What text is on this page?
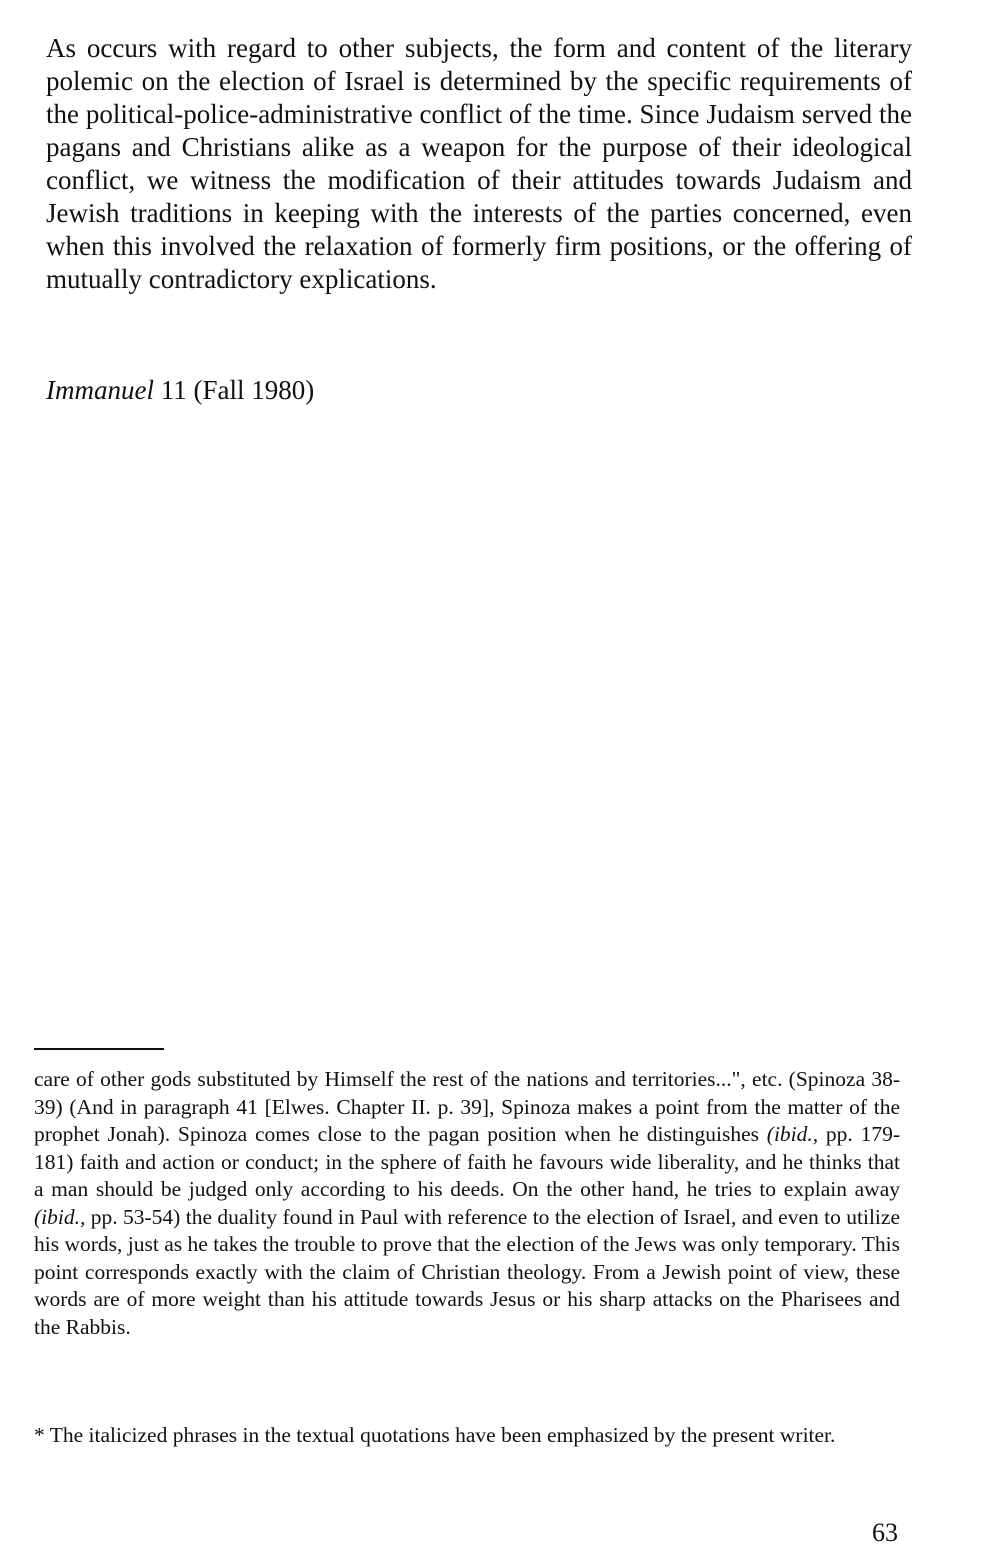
As occurs with regard to other subjects, the form and content of the literary polemic on the election of Israel is determined by the specific requirements of the political-police-administrative conflict of the time. Since Judaism served the pagans and Christians alike as a weapon for the purpose of their ideological conflict, we witness the modification of their attitudes towards Judaism and Jewish traditions in keeping with the interests of the parties concerned, even when this involved the relaxation of formerly firm positions, or the offering of mutually contradictory explications.

Immanuel 11 (Fall 1980)

care of other gods substituted by Himself the rest of the nations and territories...", etc. (Spinoza 38-39) (And in paragraph 41 [Elwes. Chapter II. p. 39], Spinoza makes a point from the matter of the prophet Jonah). Spinoza comes close to the pagan position when he distinguishes (ibid., pp. 179-181) faith and action or conduct; in the sphere of faith he favours wide liberality, and he thinks that a man should be judged only according to his deeds. On the other hand, he tries to explain away (ibid., pp. 53-54) the duality found in Paul with reference to the election of Israel, and even to utilize his words, just as he takes the trouble to prove that the election of the Jews was only temporary. This point corresponds exactly with the claim of Christian theology. From a Jewish point of view, these words are of more weight than his attitude towards Jesus or his sharp attacks on the Pharisees and the Rabbis.

* The italicized phrases in the textual quotations have been emphasized by the present writer.

63
